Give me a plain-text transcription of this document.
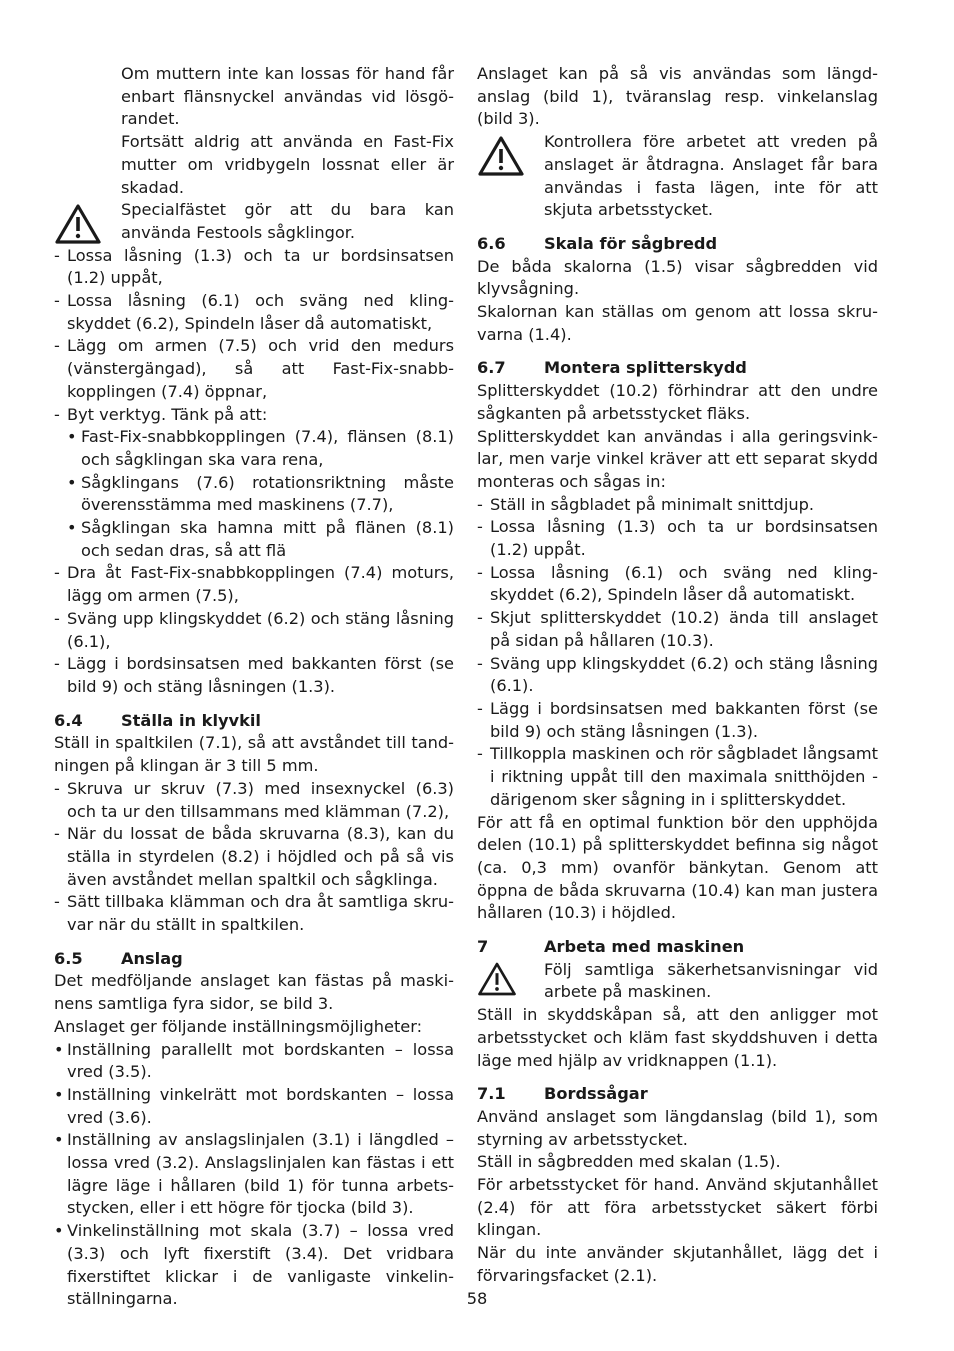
Om muttern inte kan lossas för hand får enbart flänsnyckel användas vid lösgörandet.

Fortsätt aldrig att använda en Fast-Fix mutter om vridbygeln lossnat eller är skadad.

Specialfästet gör att du bara kan använda Festools sågklingor.

- Lossa låsning (1.3) och ta ur bordsinsatsen (1.2) uppåt,
- Lossa låsning (6.1) och sväng ned kling-skyddet (6.2), Spindeln låser då automatiskt,
- Lägg om armen (7.5) och vrid den medurs (vänstergängad), så att Fast-Fix-snabb-kopplingen (7.4) öppnar,
- Byt verktyg. Tänk på att:
• Fast-Fix-snabbkopplingen (7.4), flänsen (8.1) och sågklingan ska vara rena,
• Sågklingans (7.6) rotationsriktning måste överensstämma med maskinens (7.7),
• Sågklingan ska hamna mitt på flänen (8.1) och sedan dras, så att flä
- Dra åt Fast-Fix-snabbkopplingen (7.4) moturs, lägg om armen (7.5),
- Sväng upp klingskyddet (6.2) och stäng låsning (6.1),
- Lägg i bordsinsatsen med bakkanten först (se bild 9) och stäng låsningen (1.3).
6.4 Ställa in klyvkil

Ställ in spaltkilen (7.1), så att avståndet till tandningen på klingan är 3 till 5 mm.

- Skruva ur skruv (7.3) med insexnyckel (6.3) och ta ur den tillsammans med klämman (7.2),
- När du lossat de båda skruvarna (8.3), kan du ställa in styrdelen (8.2) i höjdled och på så vis även avståndet mellan spaltkil och sågklinga.
- Sätt tillbaka klämman och dra åt samtliga skruvar när du ställt in spaltkilen.
6.5 Anslag

Det medföljande anslaget kan fästas på maskinens samtliga fyra sidor, se bild 3.

Anslaget ger följande inställningsmöjligheter:

• Inställning parallellt mot bordskanten – lossa vred (3.5).
• Inställning vinkelrätt mot bordskanten – lossa vred (3.6).
• Inställning av anslagslinjalen (3.1) i längdled – lossa vred (3.2). Anslagslinjalen kan fästas i ett lägre läge i hållaren (bild 1) för tunna arbetsstycken, eller i ett högre för tjocka (bild 3).
• Vinkelinställning mot skala (3.7) – lossa vred (3.3) och lyft fixerstift (3.4). Det vridbara fixerstiftet klickar i de vanligaste vinkelin-ställningarna.

Anslaget kan på så vis användas som längd-anslag (bild 1), tväranslag resp. vinkelanslag (bild 3).

Kontrollera före arbetet att vreden på anslaget är åtdragna. Anslaget får bara användas i fasta lägen, inte för att skjuta arbetsstycket.

6.6 Skala för sågbredd

De båda skalorna (1.5) visar sågbredden vid klyvsågning.

Skalornan kan ställas om genom att lossa skruvarna (1.4).

6.7 Montera splitterskydd

Splitterskyddet (10.2) förhindrar att den undre sågkanten på arbetsstycket fläks.

Splitterskyddet kan användas i alla geringsvinklar, men varje vinkel kräver att ett separat skydd monteras och sågas in:

- Ställ in sågbladet på minimalt snittdjup.
- Lossa låsning (1.3) och ta ur bordsinsatsen (1.2) uppåt.
- Lossa låsning (6.1) och sväng ned kling-skyddet (6.2), Spindeln låser då automatiskt.
- Skjut splitterskyddet (10.2) ända till anslaget på sidan på hållaren (10.3).
- Sväng upp klingskyddet (6.2) och stäng låsning (6.1).
- Lägg i bordsinsatsen med bakkanten först (se bild 9) och stäng låsningen (1.3).
- Tillkoppla maskinen och rör sågbladet långsamt i riktning uppåt till den maximala snitthöjden - därigenom sker sågning in i splitterskyddet.

För att få en optimal funktion bör den upphöjda delen (10.1) på splitterskyddet befinna sig något (ca. 0,3 mm) ovanför bänkytan. Genom att öppna de båda skruvarna (10.4) kan man justera hållaren (10.3) i höjdled.

7	Arbeta med maskinen

Följ samtliga säkerhetsanvisningar vid arbete på maskinen.

Ställ in skyddskåpan så, att den anligger mot arbetsstycket och kläm fast skyddshuven i detta läge med hjälp av vridknappen (1.1).

7.1 Bordssågar

Använd anslaget som längdanslag (bild 1), som styrning av arbetsstycket.

Ställ in sågbredden med skalan (1.5).

För arbetsstycket för hand. Använd skjutanhållet (2.4) för att föra arbetsstycket säkert förbi klingan.

När du inte använder skjutanhållet, lägg det i förvaringsfacket (2.1).

58
